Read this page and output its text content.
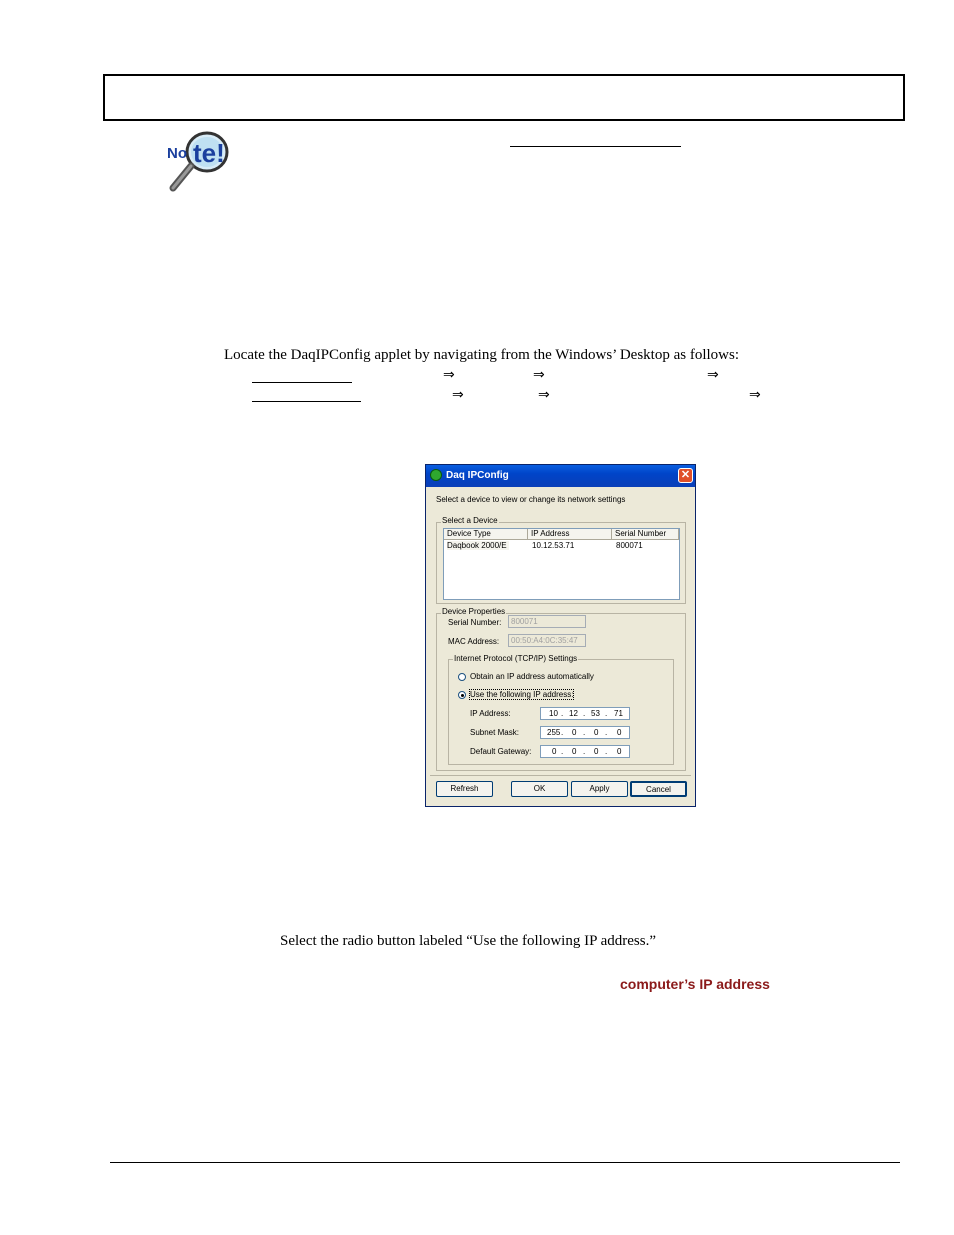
No te!
Locate the DaqIPConfig applet by navigating from the Windows’ Desktop as follows:
⇒	⇒	⇒
⇒	⇒	⇒
Daq IPConfig	✕
Select a device to view or change its network settings
Select a Device
Device Type	IP Address	Serial Number
Daqbook 2000/E	10.12.53.71	800071
Device Properties
Serial Number:	800071
MAC Address:	00:50:A4:0C:35:47
Internet Protocol (TCP/IP) Settings
Obtain an IP address automatically
Use the following IP address:
IP Address:	10 . 12 . 53 . 71
Subnet Mask:	255 . 0 . 0 . 0
Default Gateway:	0 . 0 . 0 . 0
Refresh	OK	Apply	Cancel
Select the radio button labeled “Use the following IP address.”
computer’s IP address
